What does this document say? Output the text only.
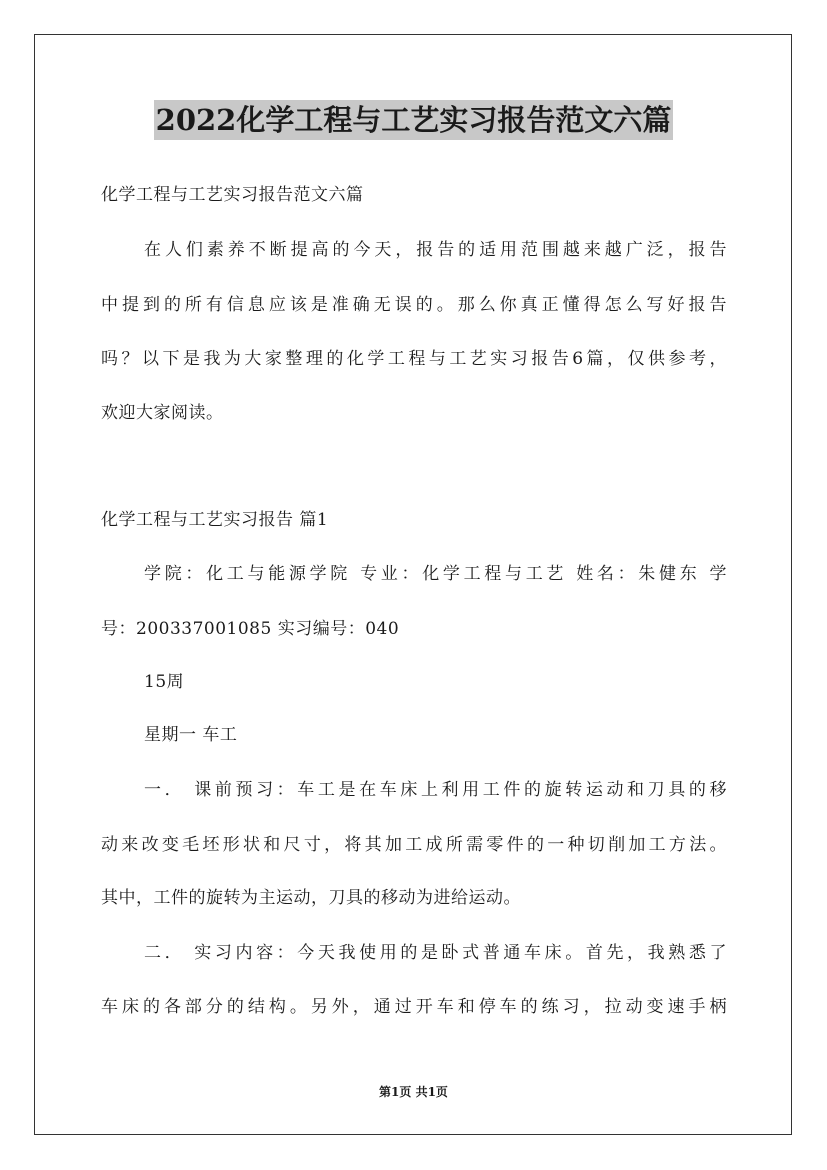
2022化学工程与工艺实习报告范文六篇
化学工程与工艺实习报告范文六篇
在人们素养不断提高的今天，报告的适用范围越来越广泛，报告
中提到的所有信息应该是准确无误的。那么你真正懂得怎么写好报告
吗？以下是我为大家整理的化学工程与工艺实习报告6篇，仅供参考，
欢迎大家阅读。
化学工程与工艺实习报告 篇1
学院：化工与能源学院 专业：化学工程与工艺 姓名：朱健东 学
号：200337001085 实习编号：040
15周
星期一 车工
一． 课前预习：车工是在车床上利用工件的旋转运动和刀具的移
动来改变毛坯形状和尺寸，将其加工成所需零件的一种切削加工方法。
其中，工件的旋转为主运动，刀具的移动为进给运动。
二． 实习内容：今天我使用的是卧式普通车床。首先，我熟悉了
车床的各部分的结构。另外，通过开车和停车的练习，拉动变速手柄
第1页 共1页
